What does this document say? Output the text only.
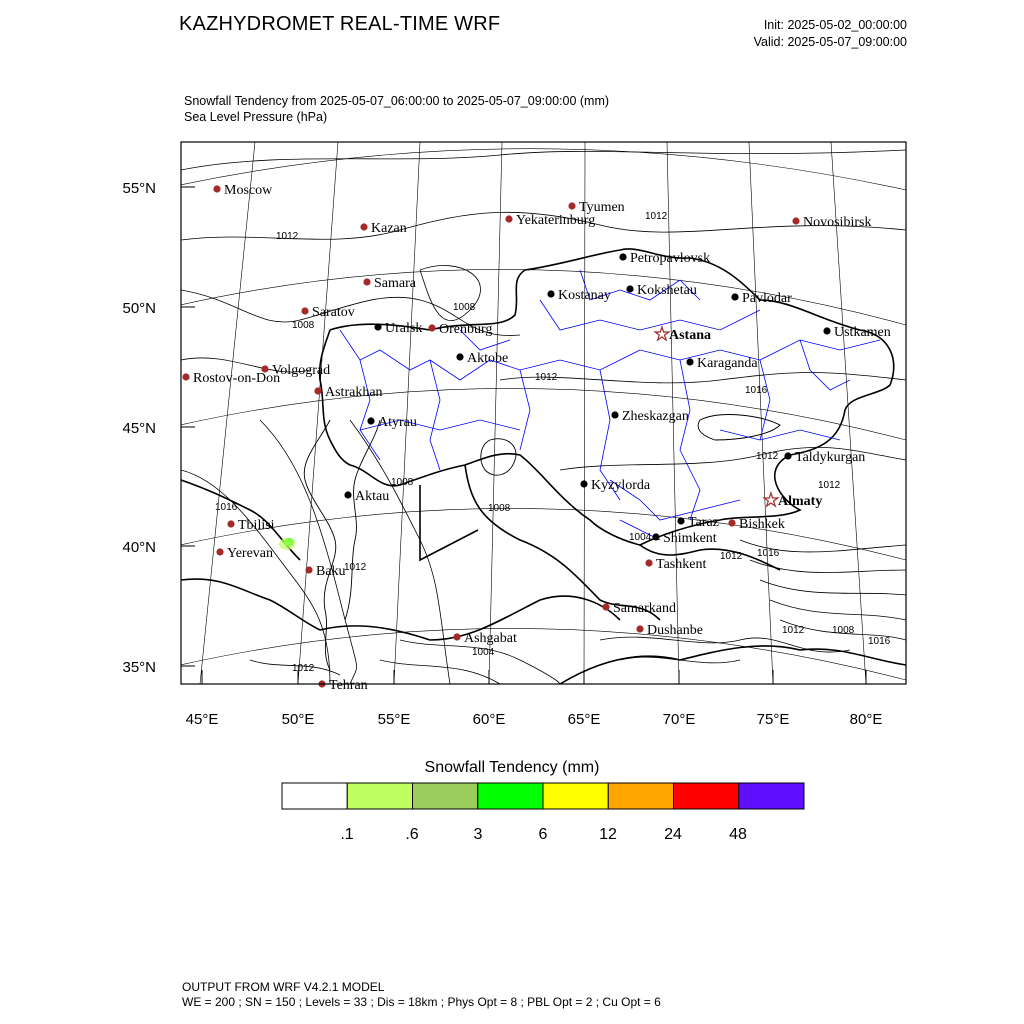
KAZHYDROMET REAL-TIME WRF	Init: 2025-05-02_00:00:00
Valid: 2025-05-07_09:00:00
Snowfall Tendency from 2025-05-07_06:00:00 to 2025-05-07_09:00:00 (mm)
Sea Level Pressure (hPa)
1012
1012
1008
1008
1012
1016
1012
1012
1008
1008
1016
1004
1012 1016
1012
1012	1008
1016
1004
1012
Moscow
Kazan
Tyumen
Yekaterinburg	Novosibirsk
Samara
Saratov
Orenburg
Volgograd
Rostov-on-Don
Astrakhan
Tbilisi
Yerevan
Baku
Ashgabat
Tehran
Bishkek
Tashkent
Samarkand
Dushanbe
Petropavlovsk
Kostanay Kokshetau
Pavlodar
★
Astana
Uralsk
Aktobe	Karaganda
Ustkamen
Atyrau	Zheskazgan
Taldykurgan
Aktau
Kyzylorda
★
Almaty
Taraz
Shimkent
55°N
50°N
45°N
40°N
35°N
45°E	50°E	55°E	60°E	65°E	70°E	75°E	80°E
Snowfall Tendency (mm)
.1	.6	3	6	12	24	48
OUTPUT FROM WRF V4.2.1 MODEL
WE = 200 ; SN = 150 ; Levels = 33 ; Dis = 18km ; Phys Opt = 8 ; PBL Opt = 2 ; Cu Opt = 6
